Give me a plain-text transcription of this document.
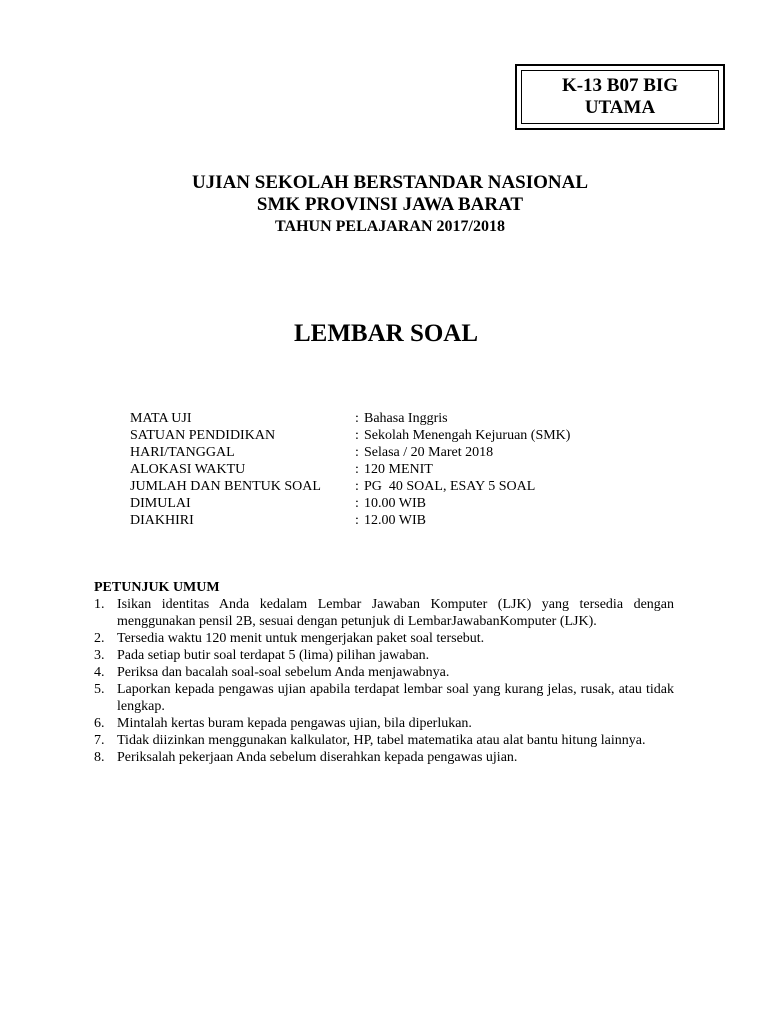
K-13 B07 BIG
UTAMA
UJIAN SEKOLAH BERSTANDAR NASIONAL
SMK PROVINSI JAWA BARAT
TAHUN PELAJARAN 2017/2018
LEMBAR SOAL
MATA UJI	: Bahasa Inggris
SATUAN PENDIDIKAN	: Sekolah Menengah Kejuruan (SMK)
HARI/TANGGAL	: Selasa / 20 Maret 2018
ALOKASI WAKTU	: 120 MENIT
JUMLAH DAN BENTUK SOAL	: PG  40 SOAL, ESAY 5 SOAL
DIMULAI	: 10.00 WIB
DIAKHIRI	: 12.00 WIB
PETUNJUK UMUM
1. Isikan identitas Anda kedalam Lembar Jawaban Komputer (LJK) yang tersedia dengan menggunakan pensil 2B, sesuai dengan petunjuk di LembarJawabanKomputer (LJK).
2. Tersedia waktu 120 menit untuk mengerjakan paket soal tersebut.
3. Pada setiap butir soal terdapat 5 (lima) pilihan jawaban.
4. Periksa dan bacalah soal-soal sebelum Anda menjawabnya.
5. Laporkan kepada pengawas ujian apabila terdapat lembar soal yang kurang jelas, rusak, atau tidak lengkap.
6. Mintalah kertas buram kepada pengawas ujian, bila diperlukan.
7. Tidak diizinkan menggunakan kalkulator, HP, tabel matematika atau alat bantu hitung lainnya.
8. Periksalah pekerjaan Anda sebelum diserahkan kepada pengawas ujian.
